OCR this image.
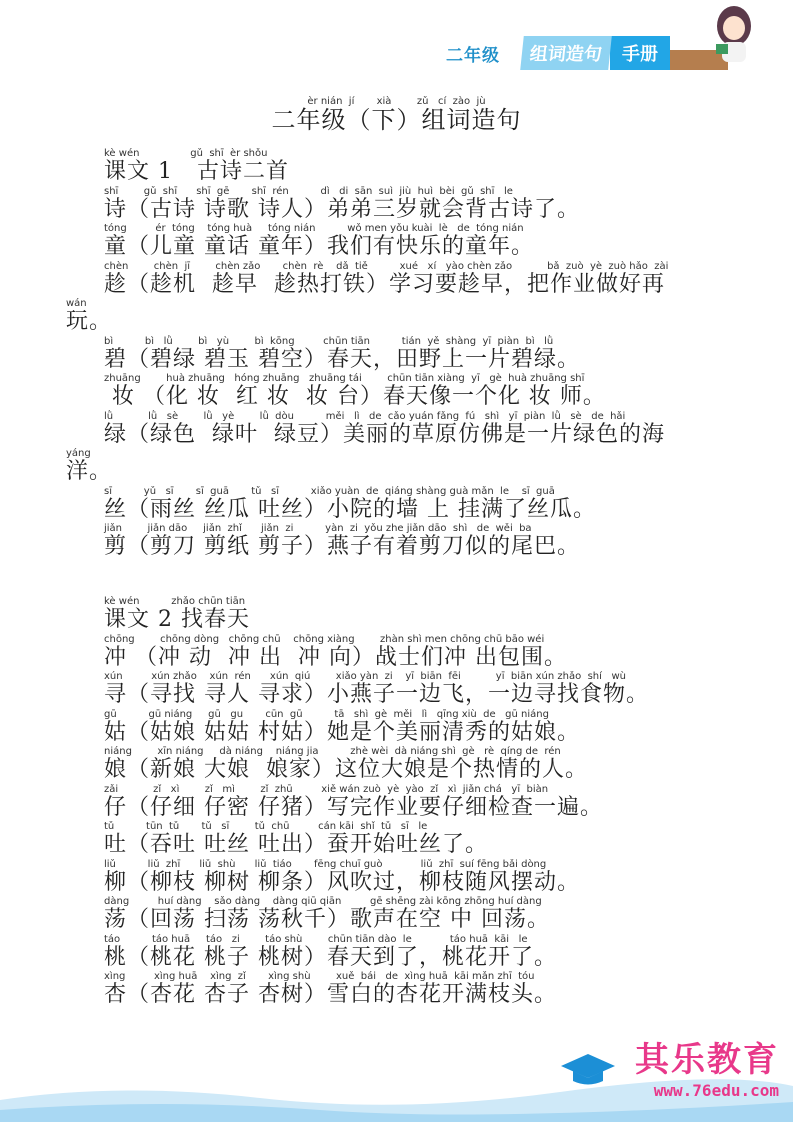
二年级	组词造句	手册
èr nián  jí       xià        zǔ   cí  zào  jù
二年级（下）组词造句
kè wén                gǔ  shī  èr shǒu
课文 1   古诗二首
shī        gǔ  shī      shī  gē       shī  rén          dì   di  sān  suì  jiù  huì  bèi  gǔ  shī   le
诗（古诗 诗歌 诗人）弟弟三岁就会背古诗了。
tóng         ér  tóng    tóng huà     tóng nián          wǒ men yǒu kuài  lè   de  tóng nián
童（儿童 童话 童年）我们有快乐的童年。
chèn        chèn  jī        chèn zǎo       chèn  rè    dǎ  tiě          xué   xí   yào chèn zǎo           bǎ  zuò  yè  zuò hǎo  zài
趁（趁机  趁早  趁热打铁）学习要趁早，把作业做好再
wán
玩。
bì          bì   lǜ        bì   yù        bì  kōng         chūn tiān          tián  yě  shàng  yī  piàn  bì   lǜ
碧（碧绿 碧玉 碧空）春天，田野上一片碧绿。
zhuāng        huà zhuāng   hóng zhuāng   zhuāng tái        chūn tiān xiàng  yī   gè  huà zhuāng shī
妆 （化 妆  红 妆  妆 台）春天像一个化 妆 师。
lǜ           lǜ   sè        lǜ   yè        lǜ  dòu          měi   lì   de  cǎo yuán fǎng  fú   shì   yī  piàn  lǜ   sè   de  hǎi
绿（绿色  绿叶  绿豆）美丽的草原仿佛是一片绿色的海
yáng
洋。
sī          yǔ   sī       sī  guā       tǔ   sī          xiǎo yuàn  de  qiáng shàng guà mǎn  le    sī  guā
丝（雨丝 丝瓜 吐丝）小院的墙 上 挂满了丝瓜。
jiǎn        jiǎn dāo     jiǎn  zhǐ      jiǎn  zi          yàn  zi  yǒu zhe jiǎn dāo  shì   de  wěi  ba
剪（剪刀 剪纸 剪子）燕子有着剪刀似的尾巴。
kè wén          zhǎo chūn tiān
课文 2 找春天
chōng        chōng dòng   chōng chū    chōng xiàng        zhàn shì men chōng chū bāo wéi
冲 （冲 动  冲 出  冲 向）战士们冲 出包围。
xún         xún zhǎo    xún  rén      xún  qiú        xiǎo yàn  zi    yī  biān  fēi           yī  biān xún zhǎo  shí   wù
寻（寻找 寻人 寻求）小燕子一边飞，一边寻找食物。
gū          gū niáng     gū   gu       cūn  gū          tā   shì  gè  měi   lì   qīng xiù  de   gū niáng
姑（姑娘 姑姑 村姑）她是个美丽清秀的姑娘。
niáng        xīn niáng     dà niáng    niáng jia          zhè wèi  dà niáng shì  gè   rè  qíng de  rén
娘（新娘 大娘  娘家）这位大娘是个热情的人。
zǎi           zǐ   xì        zǐ   mì        zǐ  zhū         xiě wán zuò  yè  yào  zǐ   xì  jiǎn chá   yī  biàn
仔（仔细 仔密 仔猪）写完作业要仔细检查一遍。
tǔ          tūn  tǔ       tǔ   sī        tǔ  chū         cán kāi  shǐ  tǔ   sī   le
吐（吞吐 吐丝 吐出）蚕开始吐丝了。
liǔ          liǔ  zhī      liǔ  shù      liǔ  tiáo       fēng chuī guò            liǔ  zhī  suí fēng bǎi dòng
柳（柳枝 柳树 柳条）风吹过，柳枝随风摆动。
dàng         huí dàng    sǎo dàng    dàng qiū qiān         gē shēng zài kōng zhōng huí dàng
荡（回荡 扫荡 荡秋千）歌声在空 中 回荡。
táo          táo huā     táo   zi        táo shù        chūn tiān dào  le            táo huā  kāi   le
桃（桃花 桃子 桃树）春天到了，桃花开了。
xìng         xìng huā    xìng  zǐ       xìng shù        xuě  bái   de  xìng huā  kāi mǎn zhī  tóu
杏（杏花 杏子 杏树）雪白的杏花开满枝头。
其乐教育
www.76edu.com
